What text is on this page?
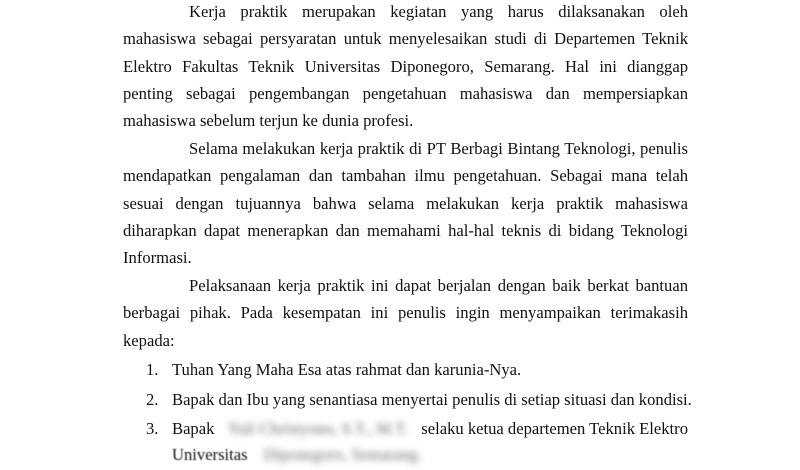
Kerja praktik merupakan kegiatan yang harus dilaksanakan oleh mahasiswa sebagai persyaratan untuk menyelesaikan studi di Departemen Teknik Elektro Fakultas Teknik Universitas Diponegoro, Semarang. Hal ini dianggap penting sebagai pengembangan pengetahuan mahasiswa dan mempersiapkan mahasiswa sebelum terjun ke dunia profesi.

Selama melakukan kerja praktik di PT Berbagi Bintang Teknologi, penulis mendapatkan pengalaman dan tambahan ilmu pengetahuan. Sebagai mana telah sesuai dengan tujuannya bahwa selama melakukan kerja praktik mahasiswa diharapkan dapat menerapkan dan memahami hal-hal teknis di bidang Teknologi Informasi.

Pelaksanaan kerja praktik ini dapat berjalan dengan baik berkat bantuan berbagai pihak. Pada kesempatan ini penulis ingin menyampaikan terimakasih kepada:

1. Tuhan Yang Maha Esa atas rahmat dan karunia-Nya.
2. Bapak dan Ibu yang senantiasa menyertai penulis di setiap situasi dan kondisi.
3. Bapak Yuli Christyono, S.T., M.T. selaku ketua departemen Teknik Elektro
Universitas Diponegoro, Semarang.
